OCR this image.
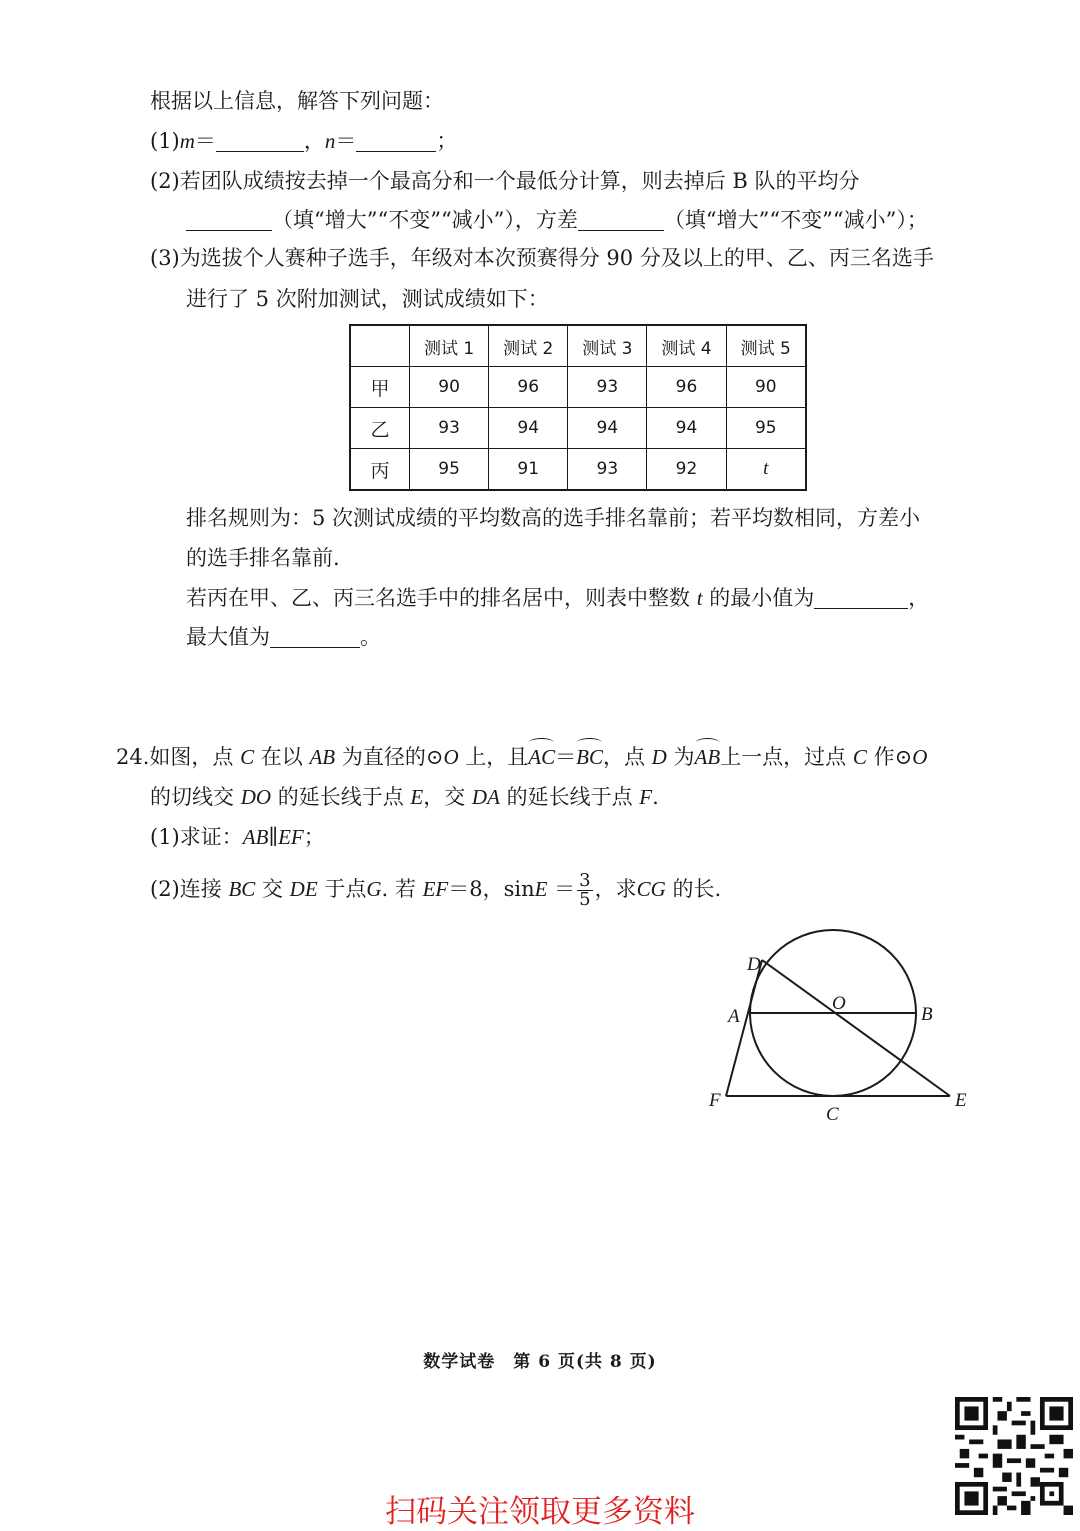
根据以上信息，解答下列问题：
(1)m＝	，n＝	；
(2)若团队成绩按去掉一个最高分和一个最低分计算，则去掉后 B 队的平均分
（填“增大”“不变”“减小”），方差	（填“增大”“不变”“减小”）；
(3)为选拔个人赛种子选手，年级对本次预赛得分 90 分及以上的甲、乙、丙三名选手
进行了 5 次附加测试，测试成绩如下：
	测试 1	测试 2	测试 3	测试 4	测试 5
甲	90	96	93	96	90
乙	93	94	94	94	95
丙	95	91	93	92	t
排名规则为：5 次测试成绩的平均数高的选手排名靠前；若平均数相同，方差小
的选手排名靠前.
若丙在甲、乙、丙三名选手中的排名居中，则表中整数 t 的最小值为	，
最大值为	。
24.如图，点 C 在以 AB 为直径的⊙O 上，且AC＝BC，点 D 为AB上一点，过点 C 作⊙O
的切线交 DO 的延长线于点 E，交 DA 的延长线于点 F.
(1)求证：AB∥EF；
(2)连接 BC 交 DE 于点G. 若 EF＝8，$\sin E = \frac{3}{5}$ ，求CG 的长.
D
O
A	B
F
C
E
数学试卷　第 6 页(共 8 页)
扫码关注领取更多资料
